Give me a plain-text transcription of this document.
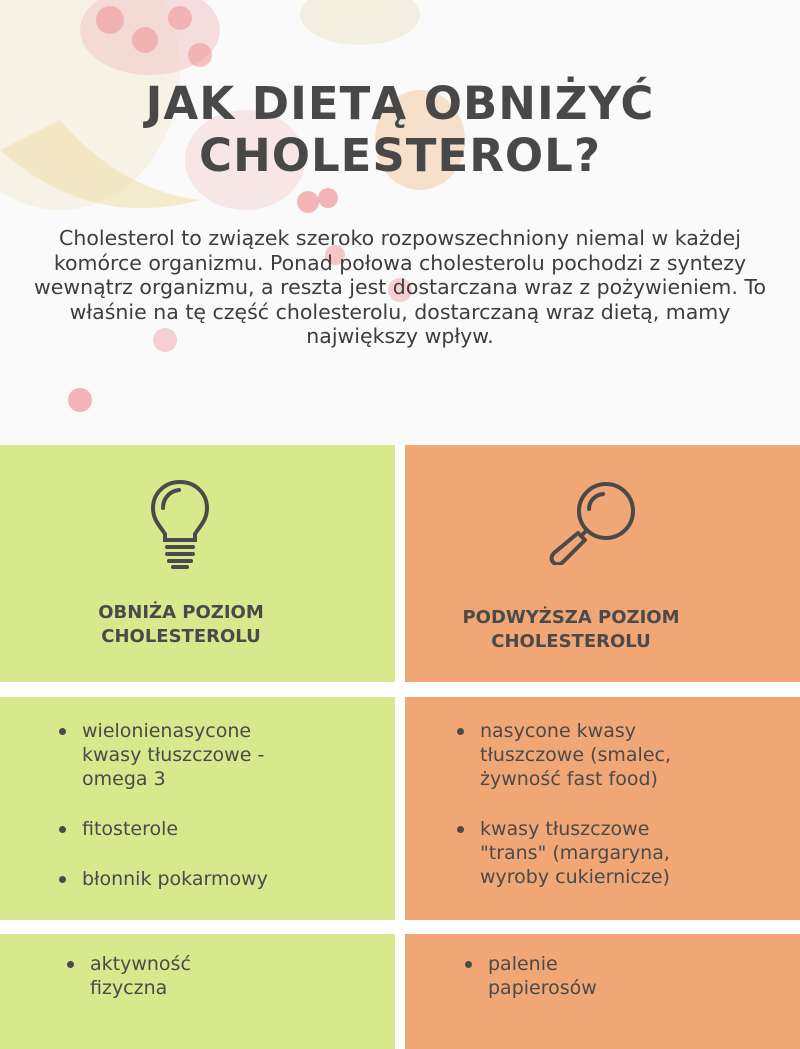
JAK DIETĄ OBNIŻYĆ
CHOLESTEROL?

Cholesterol to związek szeroko rozpowszechniony niemal w każdej komórce organizmu. Ponad połowa cholesterolu pochodzi z syntezy wewnątrz organizmu, a reszta jest dostarczana wraz z pożywieniem. To właśnie na tę część cholesterolu, dostarczaną wraz dietą, mamy największy wpływ.

OBNIŻA POZIOM
CHOLESTEROLU
PODWYŻSZA POZIOM
CHOLESTEROLU
wielonienasycone
kwasy tłuszczowe -
omega 3
fitosterole
błonnik pokarmowy
nasycone kwasy
tłuszczowe (smalec,
żywność fast food)
kwasy tłuszczowe
"trans" (margaryna,
wyroby cukiernicze)
aktywność
fizyczna
palenie
papierosów
